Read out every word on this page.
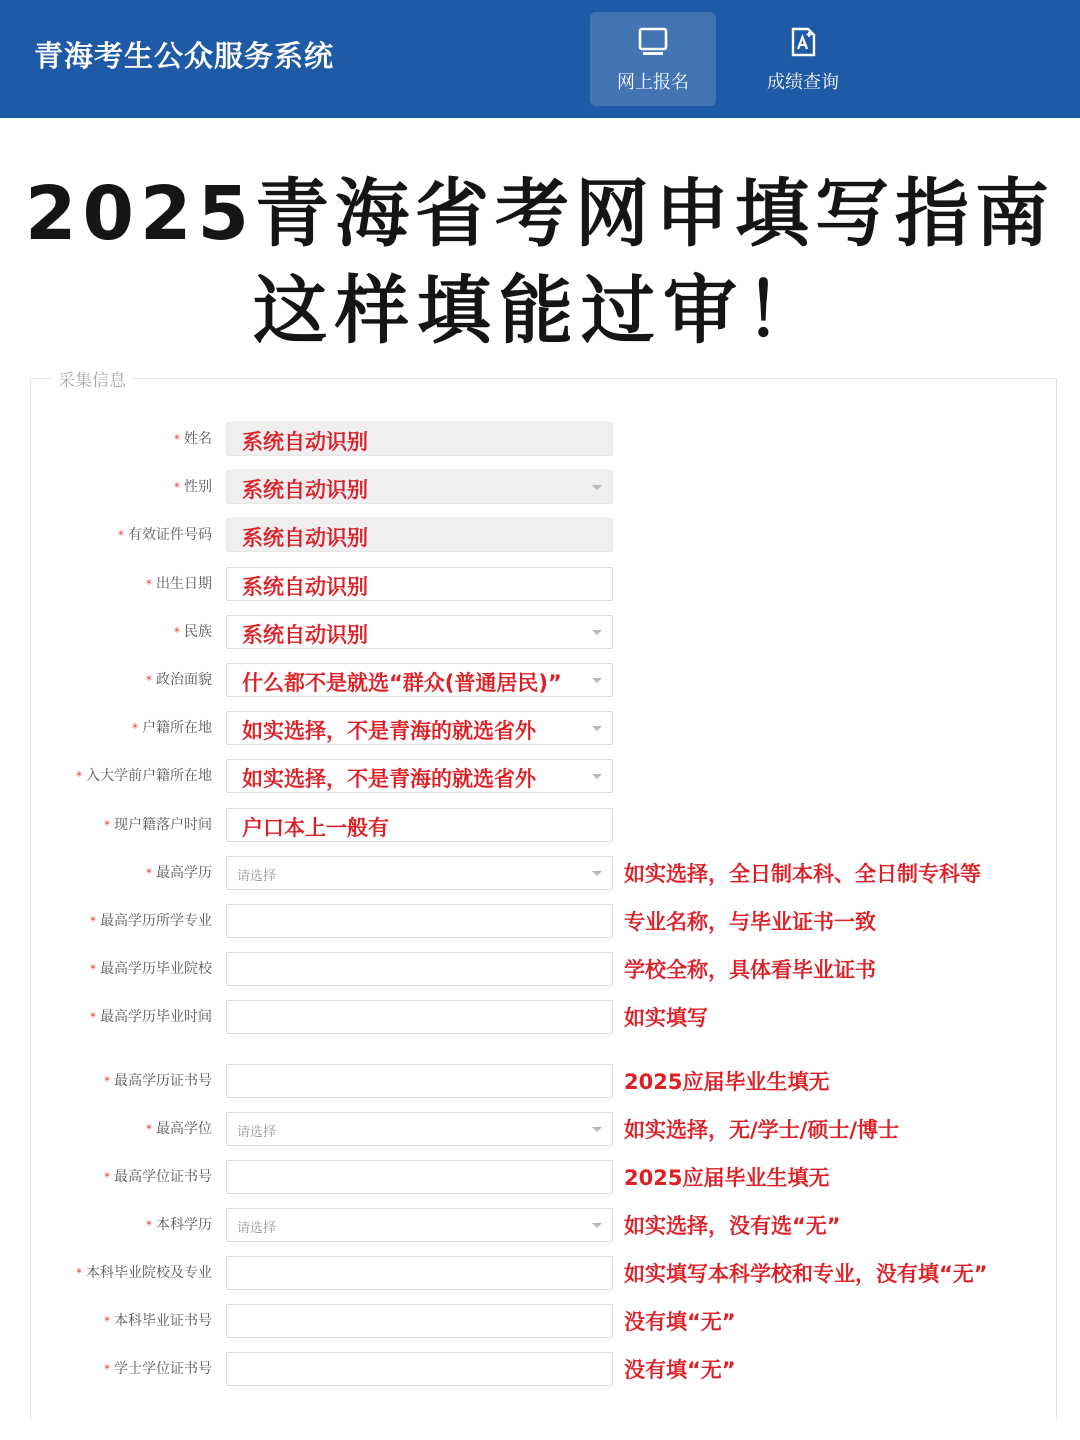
青海考生公众服务系统
网上报名	成绩查询
2025青海省考网申填写指南
这样填能过审！
采集信息
* 姓名 系统自动识别
* 性别 系统自动识别
* 有效证件号码 系统自动识别
* 出生日期 系统自动识别
* 民族 系统自动识别
* 政治面貌 什么都不是就选“群众(普通居民)”
* 户籍所在地 如实选择，不是青海的就选省外
* 入大学前户籍所在地 如实选择，不是青海的就选省外
* 现户籍落户时间 户口本上一般有
* 最高学历 请选择	如实选择，全日制本科、全日制专科等
* 最高学历所学专业	专业名称，与毕业证书一致
* 最高学历毕业院校	学校全称，具体看毕业证书
* 最高学历毕业时间	如实填写
* 最高学历证书号	2025应届毕业生填无
* 最高学位 请选择	如实选择，无/学士/硕士/博士
* 最高学位证书号	2025应届毕业生填无
* 本科学历 请选择	如实选择，没有选“无”
* 本科毕业院校及专业	如实填写本科学校和专业，没有填“无”
* 本科毕业证书号	没有填“无”
* 学士学位证书号	没有填“无”
